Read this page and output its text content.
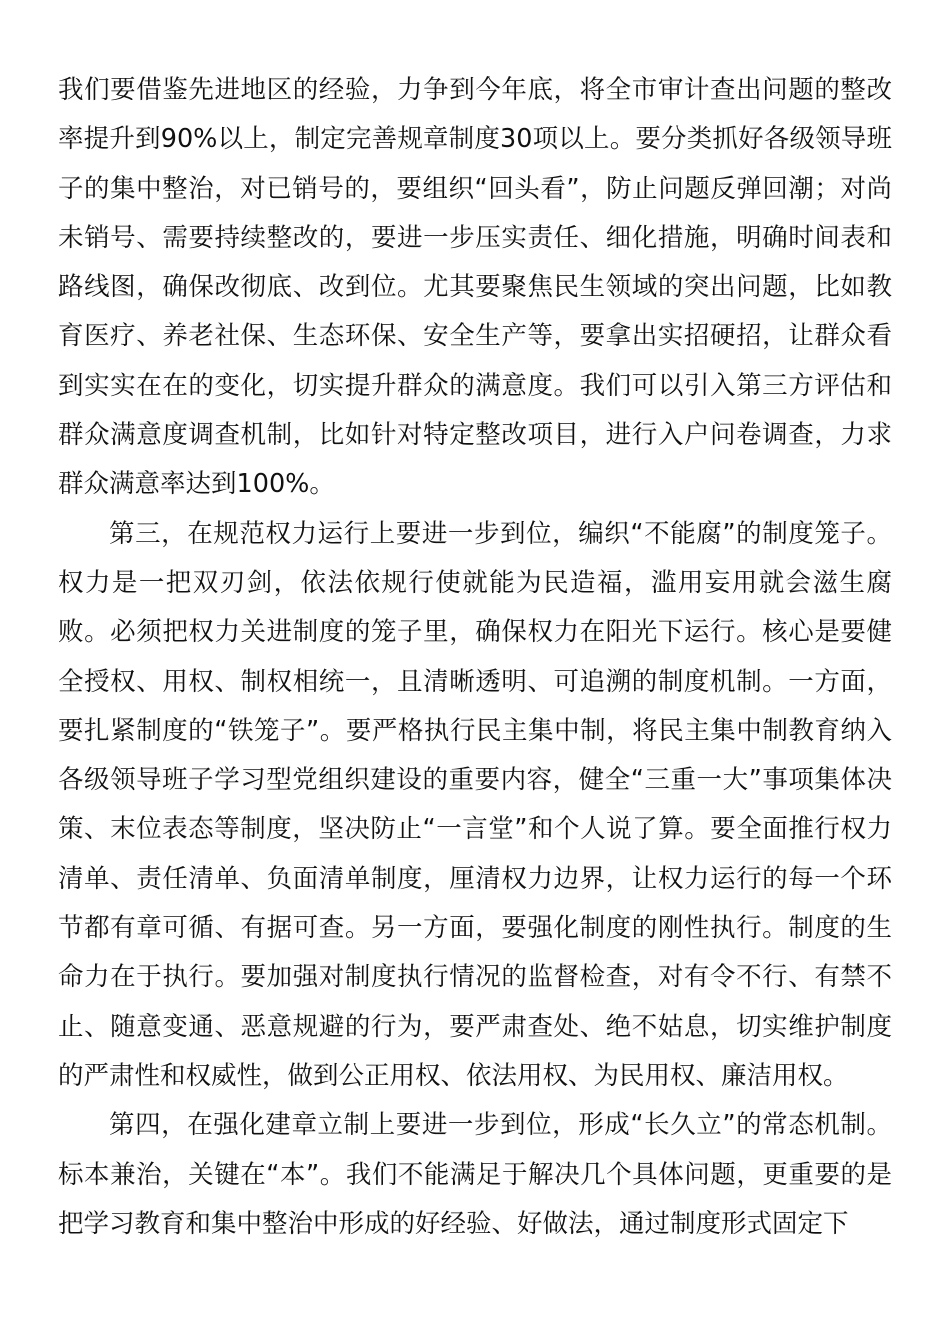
我们要借鉴先进地区的经验，力争到今年底，将全市审计查出问题的整改率提升到90%以上，制定完善规章制度30项以上。要分类抓好各级领导班子的集中整治，对已销号的，要组织“回头看”，防止问题反弹回潮；对尚未销号、需要持续整改的，要进一步压实责任、细化措施，明确时间表和路线图，确保改彻底、改到位。尤其要聚焦民生领域的突出问题，比如教育医疗、养老社保、生态环保、安全生产等，要拿出实招硬招，让群众看到实实在在的变化，切实提升群众的满意度。我们可以引入第三方评估和群众满意度调查机制，比如针对特定整改项目，进行入户问卷调查，力求群众满意率达到100%。

第三，在规范权力运行上要进一步到位，编织“不能腐”的制度笼子。权力是一把双刃剑，依法依规行使就能为民造福，滥用妄用就会滋生腐败。必须把权力关进制度的笼子里，确保权力在阳光下运行。核心是要健全授权、用权、制权相统一，且清晰透明、可追溯的制度机制。一方面，要扎紧制度的“铁笼子”。要严格执行民主集中制，将民主集中制教育纳入各级领导班子学习型党组织建设的重要内容，健全“三重一大”事项集体决策、末位表态等制度，坚决防止“一言堂”和个人说了算。要全面推行权力清单、责任清单、负面清单制度，厘清权力边界，让权力运行的每一个环节都有章可循、有据可查。另一方面，要强化制度的刚性执行。制度的生命力在于执行。要加强对制度执行情况的监督检查，对有令不行、有禁不止、随意变通、恶意规避的行为，要严肃查处、绝不姑息，切实维护制度的严肃性和权威性，做到公正用权、依法用权、为民用权、廉洁用权。

第四，在强化建章立制上要进一步到位，形成“长久立”的常态机制。标本兼治，关键在“本”。我们不能满足于解决几个具体问题，更重要的是把学习教育和集中整治中形成的好经验、好做法，通过制度形式固定下
